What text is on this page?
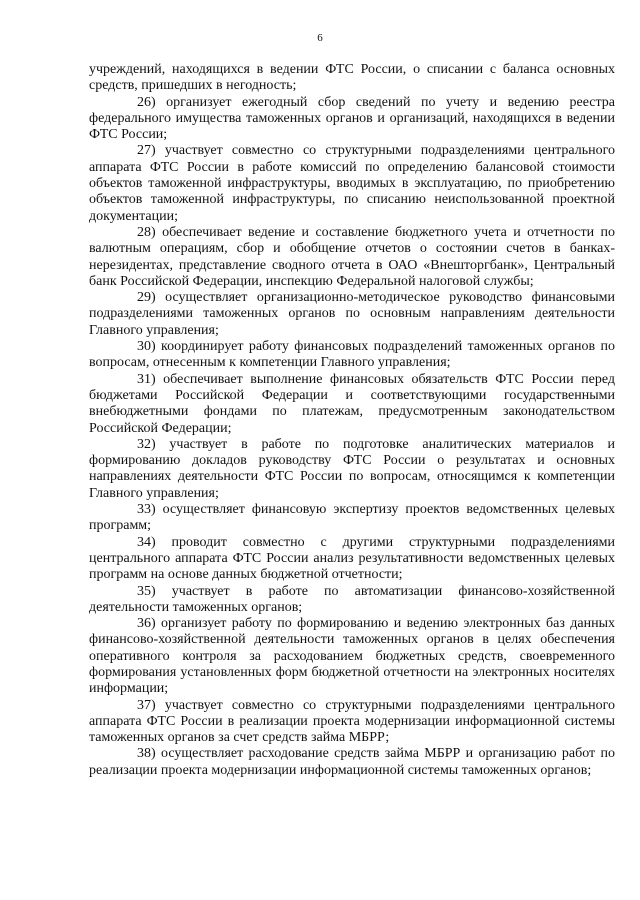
6

учреждений, находящихся в ведении ФТС России, о списании с баланса основных средств, пришедших в негодность;

26) организует ежегодный сбор сведений по учету и ведению реестра федерального имущества таможенных органов и организаций, находящихся в ведении ФТС России;

27) участвует совместно со структурными подразделениями центрального аппарата ФТС России в работе комиссий по определению балансовой стоимости объектов таможенной инфраструктуры, вводимых в эксплуатацию, по приобретению объектов таможенной инфраструктуры, по списанию неиспользованной проектной документации;

28) обеспечивает ведение и составление бюджетного учета и отчетности по валютным операциям, сбор и обобщение отчетов о состоянии счетов в банках-нерезидентах, представление сводного отчета в ОАО «Внешторгбанк», Центральный банк Российской Федерации, инспекцию Федеральной налоговой службы;

29) осуществляет организационно-методическое руководство финансовыми подразделениями таможенных органов по основным направлениям деятельности Главного управления;

30) координирует работу финансовых подразделений таможенных органов по вопросам, отнесенным к компетенции Главного управления;

31) обеспечивает выполнение финансовых обязательств ФТС России перед бюджетами Российской Федерации и соответствующими государственными внебюджетными фондами по платежам, предусмотренным законодательством Российской Федерации;

32) участвует в работе по подготовке аналитических материалов и формированию докладов руководству ФТС России о результатах и основных направлениях деятельности ФТС России по вопросам, относящимся к компетенции Главного управления;

33) осуществляет финансовую экспертизу проектов ведомственных целевых программ;

34) проводит совместно с другими структурными подразделениями центрального аппарата ФТС России анализ результативности ведомственных целевых программ на основе данных бюджетной отчетности;

35) участвует в работе по автоматизации финансово-хозяйственной деятельности таможенных органов;

36) организует работу по формированию и ведению электронных баз данных финансово-хозяйственной деятельности таможенных органов в целях обеспечения оперативного контроля за расходованием бюджетных средств, своевременного формирования установленных форм бюджетной отчетности на электронных носителях информации;

37) участвует совместно со структурными подразделениями центрального аппарата ФТС России в реализации проекта модернизации информационной системы таможенных органов за счет средств займа МБРР;

38) осуществляет расходование средств займа МБРР и организацию работ по реализации проекта модернизации информационной системы таможенных органов;
